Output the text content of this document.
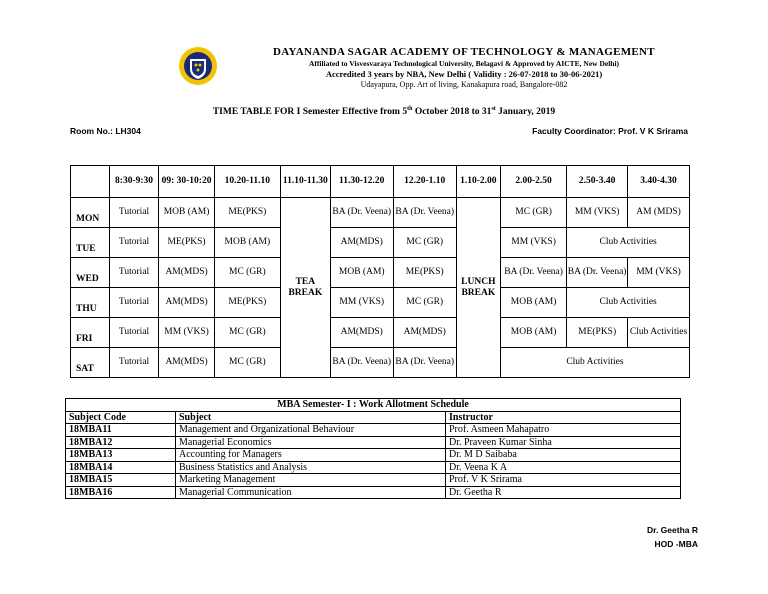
DAYANANDA SAGAR ACADEMY OF TECHNOLOGY & MANAGEMENT
Affiliated to Visvesvaraya Technological University, Belagavi & Approved by AICTE, New Delhi)
Accredited 3 years by NBA, New Delhi ( Validity : 26-07-2018 to 30-06-2021)
Udayapura, Opp. Art of living, Kanakapura road, Bangalore-082
TIME TABLE FOR I Semester Effective from 5th October 2018 to 31st January, 2019
Room No.: LH304	Faculty Coordinator: Prof. V K Srirama
	8:30-9:30	09: 30-10:20	10.20-11.10	11.10-11.30	11.30-12.20	12.20-1.10	1.10-2.00	2.00-2.50	2.50-3.40	3.40-4.30
MON	Tutorial	MOB (AM)	ME(PKS)	TEA BREAK	BA (Dr. Veena)	BA (Dr. Veena)	LUNCH BREAK	MC (GR)	MM (VKS)	AM (MDS)
TUE	Tutorial	ME(PKS)	MOB (AM)		AM(MDS)	MC (GR)		MM (VKS)	Club Activities	
WED	Tutorial	AM(MDS)	MC (GR)		MOB (AM)	ME(PKS)		BA (Dr. Veena)	BA (Dr. Veena)	MM (VKS)
THU	Tutorial	AM(MDS)	ME(PKS)		MM (VKS)	MC (GR)		MOB (AM)	Club Activities	
FRI	Tutorial	MM (VKS)	MC (GR)		AM(MDS)	AM(MDS)		MOB (AM)	ME(PKS)	Club Activities
SAT	Tutorial	AM(MDS)	MC (GR)		BA (Dr. Veena)	BA (Dr. Veena)		Club Activities		
MBA Semester- I : Work Allotment Schedule		
Subject Code	Subject	Instructor
18MBA11	Management and Organizational Behaviour	Prof. Asmeen Mahapatro
18MBA12	Managerial Economics	Dr. Praveen Kumar Sinha
18MBA13	Accounting for Managers	Dr. M D Saibaba
18MBA14	Business Statistics and Analysis	Dr. Veena K A
18MBA15	Marketing Management	Prof. V K Srirama
18MBA16	Managerial Communication	Dr. Geetha R
Dr. Geetha R
HOD -MBA
